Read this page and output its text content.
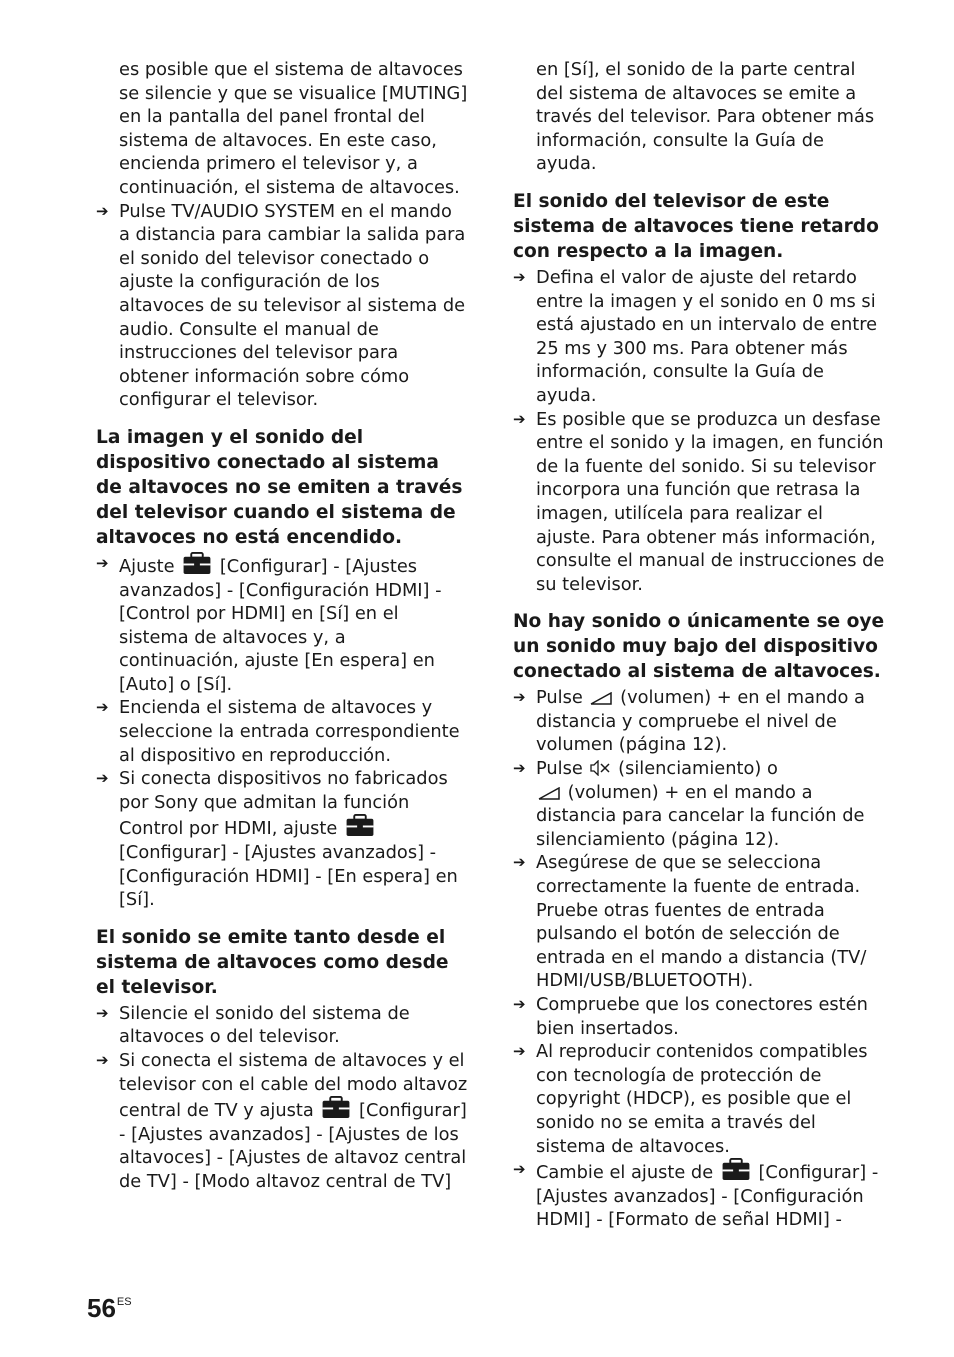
es posible que el sistema de altavoces se silencie y que se visualice [MUTING] en la pantalla del panel frontal del sistema de altavoces. En este caso, encienda primero el televisor y, a continuación, el sistema de altavoces.

➔ Pulse TV/AUDIO SYSTEM en el mando a distancia para cambiar la salida para el sonido del televisor conectado o ajuste la configuración de los altavoces de su televisor al sistema de audio. Consulte el manual de instrucciones del televisor para obtener información sobre cómo configurar el televisor.

La imagen y el sonido del dispositivo conectado al sistema de altavoces no se emiten a través del televisor cuando el sistema de altavoces no está encendido.

➔ Ajuste	[Configurar] - [Ajustes avanzados] - [Configuración HDMI] - [Control por HDMI] en [Sí] en el sistema de altavoces y, a continuación, ajuste [En espera] en [Auto] o [Sí].

➔ Encienda el sistema de altavoces y seleccione la entrada correspondiente al dispositivo en reproducción.

➔ Si conecta dispositivos no fabricados por Sony que admitan la función Control por HDMI, ajuste  [Configurar] - [Ajustes avanzados] - [Configuración HDMI] - [En espera] en [Sí].

El sonido se emite tanto desde el sistema de altavoces como desde el televisor.

➔ Silencie el sonido del sistema de altavoces o del televisor.

➔ Si conecta el sistema de altavoces y el televisor con el cable del modo altavoz central de TV y ajusta	[Configurar] - [Ajustes avanzados] - [Ajustes de los altavoces] - [Ajustes de altavoz central de TV] - [Modo altavoz central de TV]

en [Sí], el sonido de la parte central del sistema de altavoces se emite a través del televisor. Para obtener más información, consulte la Guía de ayuda.

El sonido del televisor de este sistema de altavoces tiene retardo con respecto a la imagen.

➔ Defina el valor de ajuste del retardo entre la imagen y el sonido en 0 ms si está ajustado en un intervalo de entre 25 ms y 300 ms. Para obtener más información, consulte la Guía de ayuda.

➔ Es posible que se produzca un desfase entre el sonido y la imagen, en función de la fuente del sonido. Si su televisor incorpora una función que retrasa la imagen, utilícela para realizar el ajuste. Para obtener más información, consulte el manual de instrucciones de su televisor.

No hay sonido o únicamente se oye un sonido muy bajo del dispositivo conectado al sistema de altavoces.

➔ Pulse (volumen) + en el mando a distancia y compruebe el nivel de volumen (página 12).

➔ Pulse (silenciamiento) o
(volumen) + en el mando a distancia para cancelar la función de silenciamiento (página 12).

➔ Asegúrese de que se selecciona correctamente la fuente de entrada. Pruebe otras fuentes de entrada pulsando el botón de selección de entrada en el mando a distancia (TV/ HDMI/USB/BLUETOOTH).

➔ Compruebe que los conectores estén bien insertados.

➔ Al reproducir contenidos compatibles con tecnología de protección de copyright (HDCP), es posible que el sonido no se emita a través del sistema de altavoces.

➔ Cambie el ajuste de	[Configurar] - [Ajustes avanzados] - [Configuración HDMI] - [Formato de señal HDMI] -

$56^{ES}$
